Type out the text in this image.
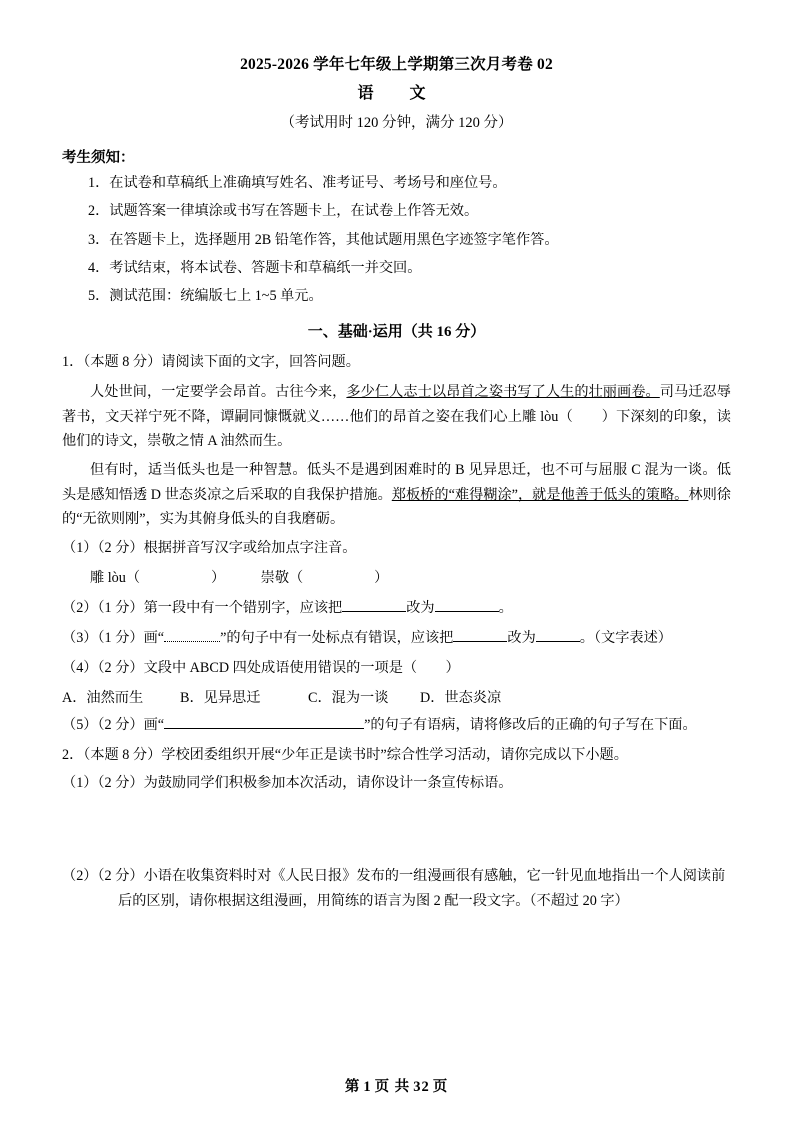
2025-2026 学年七年级上学期第三次月考卷 02
语　文
（考试用时 120 分钟，满分 120 分）
考生须知：
1．在试卷和草稿纸上准确填写姓名、准考证号、考场号和座位号。
2．试题答案一律填涂或书写在答题卡上，在试卷上作答无效。
3．在答题卡上，选择题用 2B 铅笔作答，其他试题用黑色字迹签字笔作答。
4．考试结束，将本试卷、答题卡和草稿纸一并交回。
5．测试范围：统编版七上 1~5 单元。
一、基础·运用（共 16 分）
1．（本题 8 分）请阅读下面的文字，回答问题。
人处世间，一定要学会昂首。古往今来，多少仁人志士以昂首之姿书写了人生的壮丽画卷。司马迁忍辱著书，文天祥宁死不降，谭嗣同慷慨就义……他们的昂首之姿在我们心上雕 lòu（　　）下深刻的印象，读他们的诗文，崇敬之情 A 油然而生。
但有时，适当低头也是一种智慧。低头不是遇到困难时的 B 见异思迁，也不可与屈服 C 混为一谈。低头是感知悟透 D 世态炎凉之后采取的自我保护措施。郑板桥的“难得糊涂”，就是他善于低头的策略。林则徐的“无欲则刚”，实为其俯身低头的自我磨砺。
（1）（2 分）根据拼音写汉字或给加点字注音。
雕 lòu（　　　　　）　　　崇敬（　　　　　）
（2）（1 分）第一段中有一个错别字，应该把	改为	。
（3）（1 分）画“	”的句子中有一处标点有错误，应该把	改为	。（文字表述）
（4）（2 分）文段中 ABCD 四处成语使用错误的一项是（　　）
A．油然而生	B．见异思迁	C．混为一谈	D．世态炎凉
（5）（2 分）画“	”的句子有语病，请将修改后的正确的句子写在下面。
2．（本题 8 分）学校团委组织开展“少年正是读书时”综合性学习活动，请你完成以下小题。
（1）（2 分）为鼓励同学们积极参加本次活动，请你设计一条宣传标语。
（2）（2 分）小语在收集资料时对《人民日报》发布的一组漫画很有感触，它一针见血地指出一个人阅读前后的区别，请你根据这组漫画，用简练的语言为图 2 配一段文字。（不超过 20 字）
第 1 页 共 32 页
